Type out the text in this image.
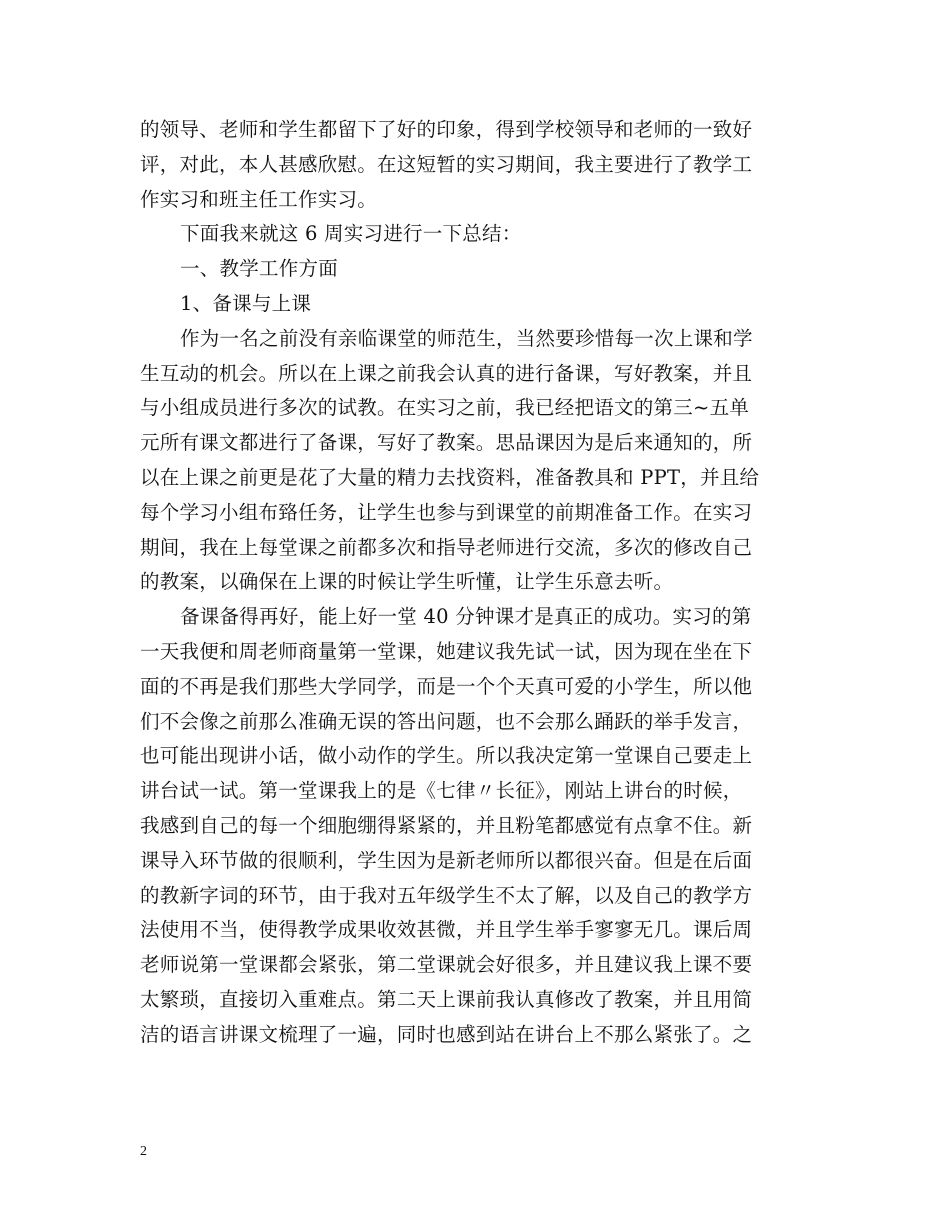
的领导、老师和学生都留下了好的印象，得到学校领导和老师的一致好
评，对此，本人甚感欣慰。在这短暂的实习期间，我主要进行了教学工
作实习和班主任工作实习。
下面我来就这 6 周实习进行一下总结：
一、教学工作方面
1、备课与上课
作为一名之前没有亲临课堂的师范生，当然要珍惜每一次上课和学
生互动的机会。所以在上课之前我会认真的进行备课，写好教案，并且
与小组成员进行多次的试教。在实习之前，我已经把语文的第三~五单
元所有课文都进行了备课，写好了教案。思品课因为是后来通知的，所
以在上课之前更是花了大量的精力去找资料，准备教具和 PPT，并且给
每个学习小组布臵任务，让学生也参与到课堂的前期准备工作。在实习
期间，我在上每堂课之前都多次和指导老师进行交流，多次的修改自己
的教案，以确保在上课的时候让学生听懂，让学生乐意去听。
备课备得再好，能上好一堂 40 分钟课才是真正的成功。实习的第
一天我便和周老师商量第一堂课，她建议我先试一试，因为现在坐在下
面的不再是我们那些大学同学，而是一个个天真可爱的小学生，所以他
们不会像之前那么准确无误的答出问题，也不会那么踊跃的举手发言，
也可能出现讲小话，做小动作的学生。所以我决定第一堂课自己要走上
讲台试一试。第一堂课我上的是《七律〃长征》，刚站上讲台的时候，
我感到自己的每一个细胞绷得紧紧的，并且粉笔都感觉有点拿不住。新
课导入环节做的很顺利，学生因为是新老师所以都很兴奋。但是在后面
的教新字词的环节，由于我对五年级学生不太了解，以及自己的教学方
法使用不当，使得教学成果收效甚微，并且学生举手寥寥无几。课后周
老师说第一堂课都会紧张，第二堂课就会好很多，并且建议我上课不要
太繁琐，直接切入重难点。第二天上课前我认真修改了教案，并且用简
洁的语言讲课文梳理了一遍，同时也感到站在讲台上不那么紧张了。之
2
